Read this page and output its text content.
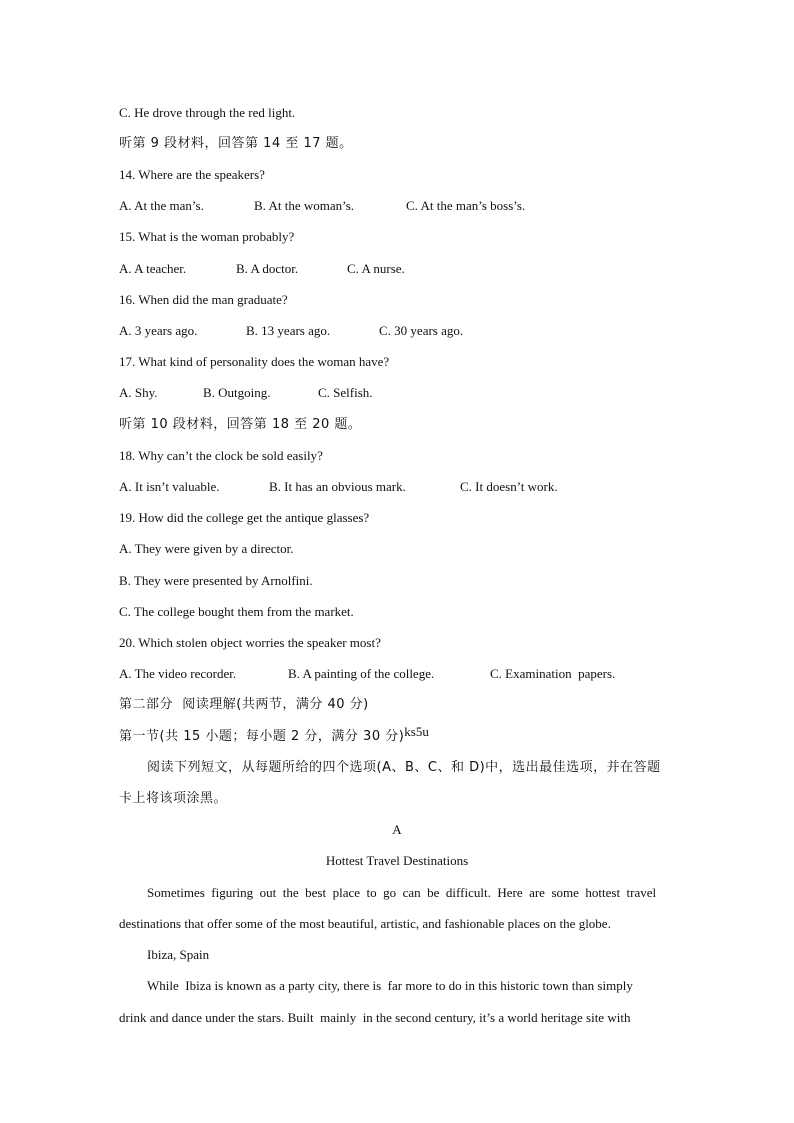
C. He drove through the red light.
听第 9 段材料，回答第 14 至 17 题。
14. Where are the speakers?
A. At the man’s.	B. At the woman’s.	C. At the man’s boss’s.
15. What is the woman probably?
A. A teacher.	B. A doctor.	C. A nurse.
16. When did the man graduate?
A. 3 years ago.	B. 13 years ago.	C. 30 years ago.
17. What kind of personality does the woman have?
A. Shy.	B. Outgoing.	C. Selfish.
听第 10 段材料，回答第 18 至 20 题。
18. Why can’t the clock be sold easily?
A. It isn’t valuable.	B. It has an obvious mark.	C. It doesn’t work.
19. How did the college get the antique glasses?
A. They were given by a director.
B. They were presented by Arnolfini.
C. The college bought them from the market.
20. Which stolen object worries the speaker most?
A. The video recorder.	B. A painting of the college.	C. Examination  papers.
第二部分  阅读理解(共两节，满分 40 分)
第一节(共 15 小题；每小题 2 分，满分 30 分)ks5u
阅读下列短文，从每题所给的四个选项(A、B、C、和 D)中，选出最佳选项，并在答题
卡上将该项涂黑。
A
Hottest Travel Destinations
Sometimes  figuring  out  the  best  place  to  go  can  be  difficult.  Here  are  some  hottest  travel
destinations that offer some of the most beautiful, artistic, and fashionable places on the globe.
Ibiza, Spain
While  Ibiza is known as a party city, there is  far more to do in this historic town than simply
drink and dance under the stars. Built  mainly  in the second century, it’s a world heritage site with
